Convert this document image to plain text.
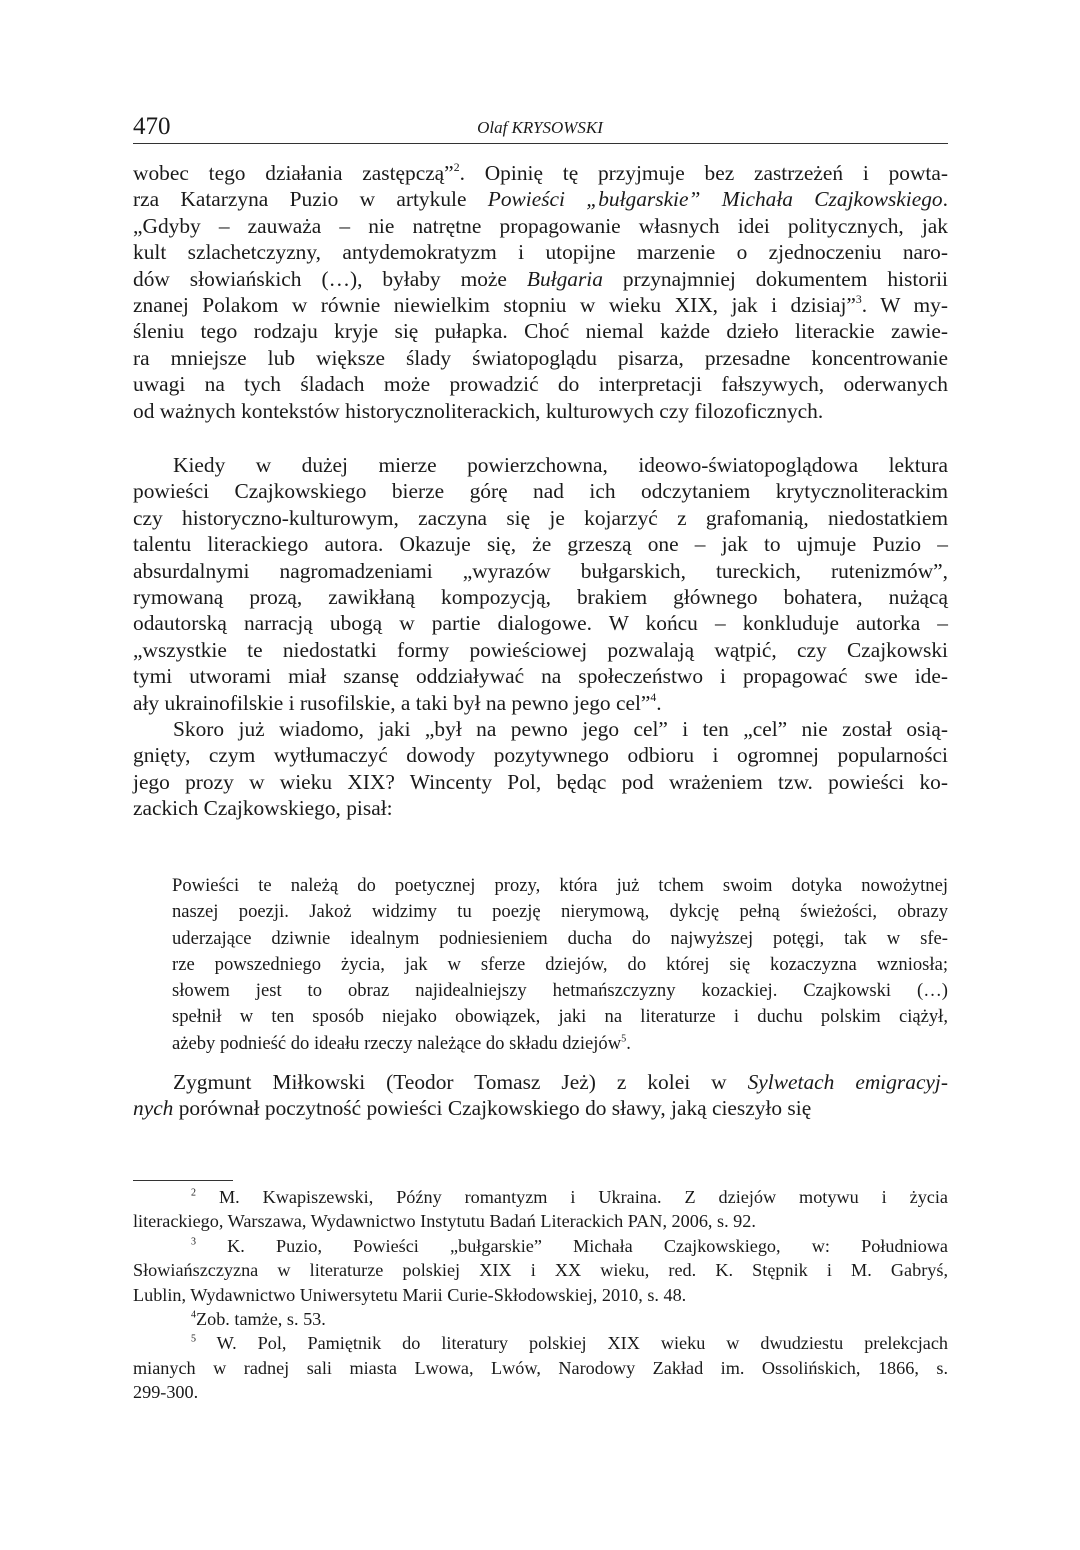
470	Olaf KRYSOWSKI
wobec tego działania zastępczą”$^2$. Opinię tę przyjmuje bez zastrzeżeń i powta-
rza Katarzyna Puzio w artykule Powieści „bułgarskie” Michała Czajkowskiego.
„Gdyby – zauważa – nie natrętne propagowanie własnych idei politycznych, jak
kult szlachetczyzny, antydemokratyzm i utopijne marzenie o zjednoczeniu naro-
dów słowiańskich (…), byłaby może Bułgaria przynajmniej dokumentem historii
znanej Polakom w równie niewielkim stopniu w wieku XIX, jak i dzisiaj”$^3$. W my-
śleniu tego rodzaju kryje się pułapka. Choć niemal każde dzieło literackie zawie-
ra mniejsze lub większe ślady światopoglądu pisarza, przesadne koncentrowanie
uwagi na tych śladach może prowadzić do interpretacji fałszywych, oderwanych
od ważnych kontekstów historycznoliterackich, kulturowych czy filozoficznych.
Kiedy w dużej mierze powierzchowna, ideowo-światopoglądowa lektura
powieści Czajkowskiego bierze górę nad ich odczytaniem krytycznoliterackim
czy historyczno-kulturowym, zaczyna się je kojarzyć z grafomanią, niedostatkiem
talentu literackiego autora. Okazuje się, że grzeszą one – jak to ujmuje Puzio –
absurdalnymi nagromadzeniami „wyrazów bułgarskich, tureckich, rutenizmów”,
rymowaną prozą, zawikłaną kompozycją, brakiem głównego bohatera, nużącą
odautorską narracją ubogą w partie dialogowe. W końcu – konkluduje autorka –
„wszystkie te niedostatki formy powieściowej pozwalają wątpić, czy Czajkowski
tymi utworami miał szansę oddziaływać na społeczeństwo i propagować swe ide-
ały ukrainofilskie i rusofilskie, a taki był na pewno jego cel”$^4$.
Skoro już wiadomo, jaki „był na pewno jego cel” i ten „cel” nie został osią-
gnięty, czym wytłumaczyć dowody pozytywnego odbioru i ogromnej popularności
jego prozy w wieku XIX? Wincenty Pol, będąc pod wrażeniem tzw. powieści ko-
zackich Czajkowskiego, pisał:
Powieści te należą do poetycznej prozy, która już tchem swoim dotyka nowożytnej
naszej poezji. Jakoż widzimy tu poezję nierymową, dykcję pełną świeżości, obrazy
uderzające dziwnie idealnym podniesieniem ducha do najwyższej potęgi, tak w sfe-
rze powszedniego życia, jak w sferze dziejów, do której się kozaczyzna wzniosła;
słowem jest to obraz najidealniejszy hetmańszczyzny kozackiej. Czajkowski (…)
spełnił w ten sposób niejako obowiązek, jaki na literaturze i duchu polskim ciążył,
ażeby podnieść do ideału rzeczy należące do składu dziejów$^5$.
Zygmunt Miłkowski (Teodor Tomasz Jeż) z kolei w Sylwetach emigracyj-
nych porównał poczytność powieści Czajkowskiego do sławy, jaką cieszyło się
$^2$ M. Kwapiszewski, Późny romantyzm i Ukraina. Z dziejów motywu i życia
literackiego, Warszawa, Wydawnictwo Instytutu Badań Literackich PAN, 2006, s. 92.
$^3$ K. Puzio, Powieści „bułgarskie” Michała Czajkowskiego, w: Południowa
Słowiańszczyzna w literaturze polskiej XIX i XX wieku, red. K. Stępnik i M. Gabryś,
Lublin, Wydawnictwo Uniwersytetu Marii Curie-Skłodowskiej, 2010, s. 48.
$^4$Zob. tamże, s. 53.
$^5$ W. Pol, Pamiętnik do literatury polskiej XIX wieku w dwudziestu prelekcjach
mianych w radnej sali miasta Lwowa, Lwów, Narodowy Zakład im. Ossolińskich, 1866, s.
299-300.
